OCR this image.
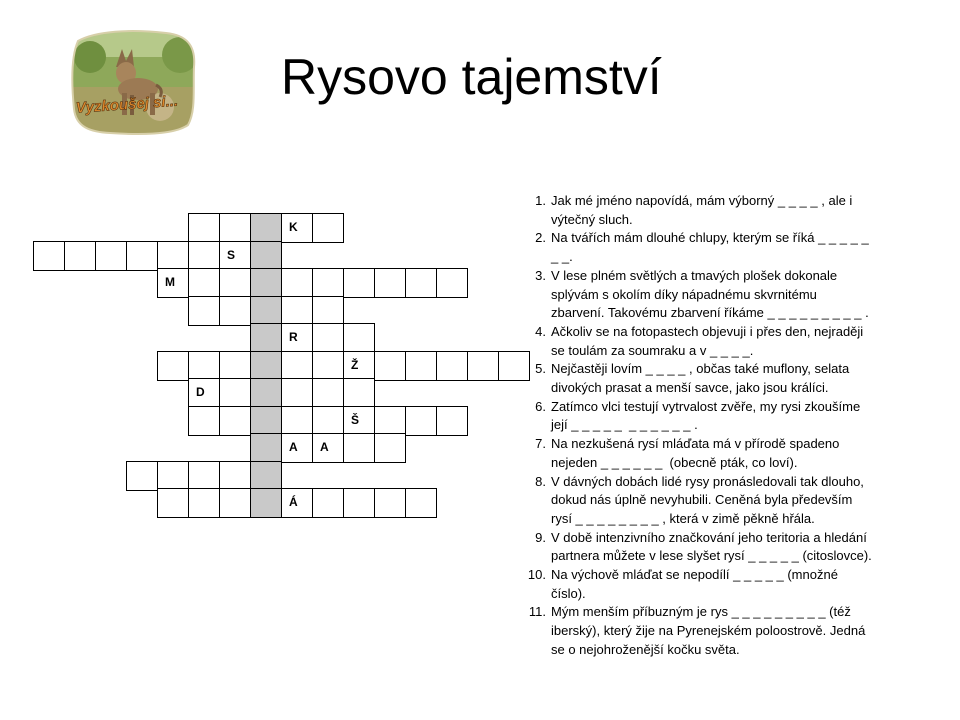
Vyzkoušej si... Rysovo tajemství
K
S
M
R
Ž
D
Š
A A
Á
1. Jak mé jméno napovídá, mám výborný _ _ _ _ , ale i
výtečný sluch.
2. Na tvářích mám dlouhé chlupy, kterým se říká _ _ _ _ _
_ _.
3. V lese plném světlých a tmavých plošek dokonale
splývám s okolím díky nápadnému skvrnitému
zbarvení. Takovému zbarvení říkáme _ _ _ _ _ _ _ _ _ .
4. Ačkoliv se na fotopastech objevuji i přes den, nejraději
se toulám za soumraku a v _ _ _ _.
5. Nejčastěji lovím _ _ _ _ , občas také muflony, selata
divokých prasat a menší savce, jako jsou králíci.
6. Zatímco vlci testují vytrvalost zvěře, my rysi zkoušíme
její _ _ _ _ _  _ _ _ _ _ _ .
7. Na nezkušená rysí mláďata má v přírodě spadeno
nejeden _ _ _ _ _ _  (obecně pták, co loví).
8. V dávných dobách lidé rysy pronásledovali tak dlouho,
dokud nás úplně nevyhubili. Ceněná byla především
rysí _ _ _ _ _ _ _ _ , která v zimě pěkně hřála.
9. V době intenzivního značkování jeho teritoria a hledání
partnera můžete v lese slyšet rysí _ _ _ _ _ (citoslovce).
10. Na výchově mláďat se nepodílí _ _ _ _ _ (množné
číslo).
11. Mým menším příbuzným je rys _ _ _ _ _ _ _ _ _ (též
iberský), který žije na Pyrenejském poloostrově. Jedná
se o nejohroženější kočku světa.
